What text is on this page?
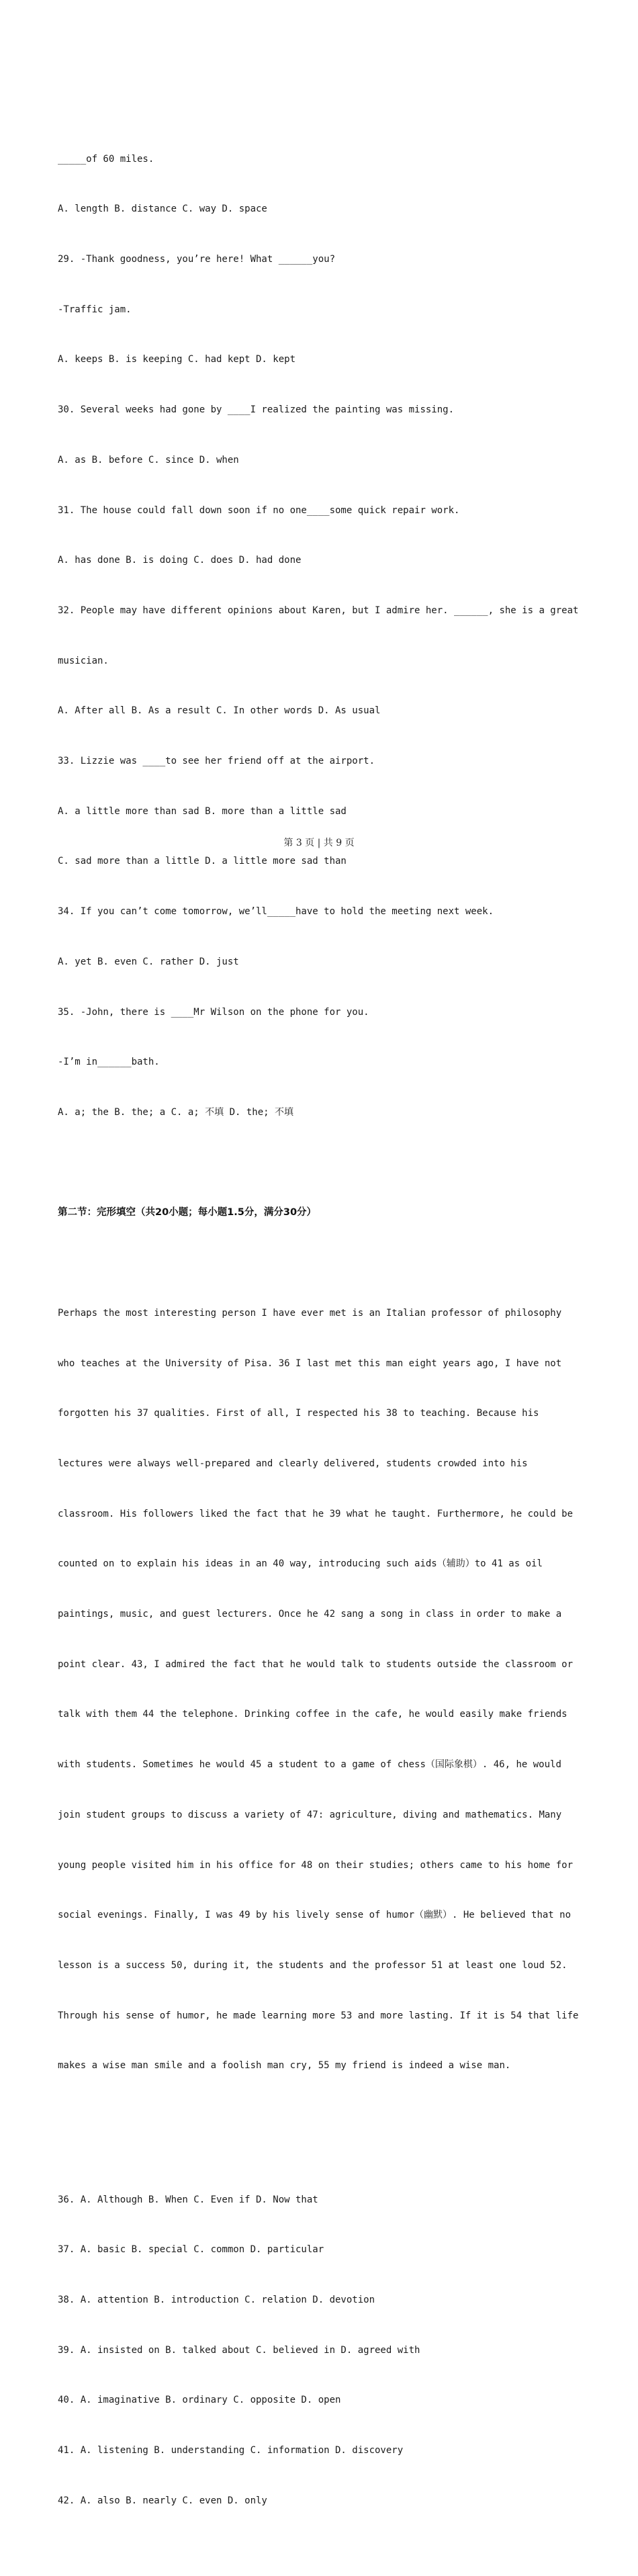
_____of 60 miles.

A. length B. distance C. way D. space

29. -Thank goodness, you’re here! What ______you?

-Traffic jam.

A. keeps B. is keeping C. had kept D. kept

30. Several weeks had gone by ____I realized the painting was missing.

A. as B. before C. since D. when

31. The house could fall down soon if no one____some quick repair work.

A. has done B. is doing C. does D. had done

32. People may have different opinions about Karen, but I admire her. ______, she is a great

musician.

A. After all B. As a result C. In other words D. As usual

33. Lizzie was ____to see her friend off at the airport.

A. a little more than sad B. more than a little sad

C. sad more than a little D. a little more sad than

34. If you can’t come tomorrow, we’ll_____have to hold the meeting next week.

A. yet B. even C. rather D. just

35. -John, there is ____Mr Wilson on the phone for you.

-I’m in______bath.

A. a; the B. the; a C. a; 不填 D. the; 不填

第二节：完形填空（共20小题；每小题1.5分，满分30分）

Perhaps the most interesting person I have ever met is an Italian professor of philosophy

who teaches at the University of Pisa. 36 I last met this man eight years ago, I have not

forgotten his 37 qualities. First of all, I respected his 38 to teaching. Because his

lectures were always well-prepared and clearly delivered, students crowded into his

classroom. His followers liked the fact that he 39 what he taught. Furthermore, he could be

counted on to explain his ideas in an 40 way, introducing such aids（辅助）to 41 as oil

paintings, music, and guest lecturers. Once he 42 sang a song in class in order to make a

point clear. 43, I admired the fact that he would talk to students outside the classroom or

talk with them 44 the telephone. Drinking coffee in the cafe, he would easily make friends

with students. Sometimes he would 45 a student to a game of chess（国际象棋）. 46, he would

join student groups to discuss a variety of 47: agriculture, diving and mathematics. Many

young people visited him in his office for 48 on their studies; others came to his home for

social evenings. Finally, I was 49 by his lively sense of humor（幽默）. He believed that no

lesson is a success 50, during it, the students and the professor 51 at least one loud 52.

Through his sense of humor, he made learning more 53 and more lasting. If it is 54 that life

makes a wise man smile and a foolish man cry, 55 my friend is indeed a wise man.

36. A. Although B. When C. Even if D. Now that

37. A. basic B. special C. common D. particular

38. A. attention B. introduction C. relation D. devotion

39. A. insisted on B. talked about C. believed in D. agreed with

40. A. imaginative B. ordinary C. opposite D. open

41. A. listening B. understanding C. information D. discovery

42. A. also B. nearly C. even D. only

第 3 页 | 共 9 页
